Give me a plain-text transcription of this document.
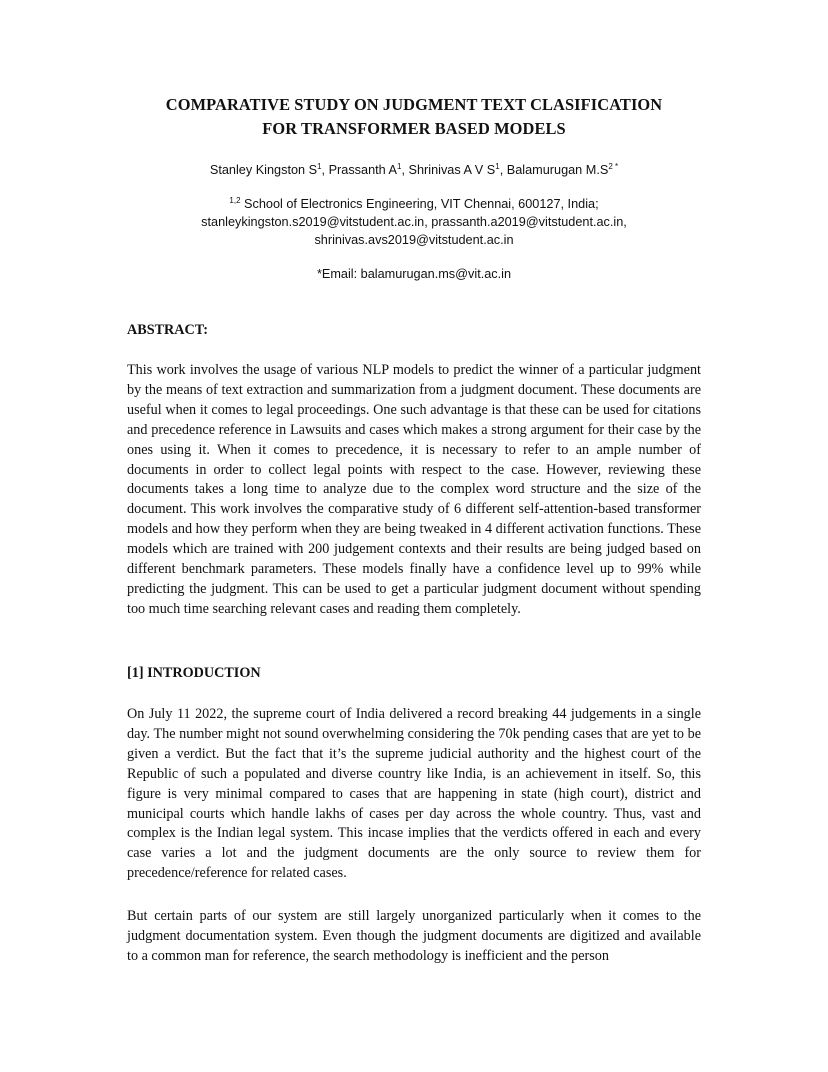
COMPARATIVE STUDY ON JUDGMENT TEXT CLASIFICATION
FOR TRANSFORMER BASED MODELS
Stanley Kingston $S^1$, Prassanth $A^1$, Shrinivas A V $S^1$, Balamurugan $M.S^{2 *}$
$^{1,2}$ School of Electronics Engineering, VIT Chennai, 600127, India;
stanleykingston.s2019@vitstudent.ac.in, prassanth.a2019@vitstudent.ac.in,
shrinivas.avs2019@vitstudent.ac.in
*Email: balamurugan.ms@vit.ac.in
ABSTRACT:

This work involves the usage of various NLP models to predict the winner of a particular judgment by the means of text extraction and summarization from a judgment document. These documents are useful when it comes to legal proceedings. One such advantage is that these can be used for citations and precedence reference in Lawsuits and cases which makes a strong argument for their case by the ones using it. When it comes to precedence, it is necessary to refer to an ample number of documents in order to collect legal points with respect to the case. However, reviewing these documents takes a long time to analyze due to the complex word structure and the size of the document. This work involves the comparative study of 6 different self-attention-based transformer models and how they perform when they are being tweaked in 4 different activation functions. These models which are trained with 200 judgement contexts and their results are being judged based on different benchmark parameters. These models finally have a confidence level up to 99% while predicting the judgment. This can be used to get a particular judgment document without spending too much time searching relevant cases and reading them completely.

[1] INTRODUCTION

On July 11 2022, the supreme court of India delivered a record breaking 44 judgements in a single day. The number might not sound overwhelming considering the 70k pending cases that are yet to be given a verdict. But the fact that it’s the supreme judicial authority and the highest court of the Republic of such a populated and diverse country like India, is an achievement in itself. So, this figure is very minimal compared to cases that are happening in state (high court), district and municipal courts which handle lakhs of cases per day across the whole country. Thus, vast and complex is the Indian legal system. This incase implies that the verdicts offered in each and every case varies a lot and the judgment documents are the only source to review them for precedence/reference for related cases.

But certain parts of our system are still largely unorganized particularly when it comes to the judgment documentation system. Even though the judgment documents are digitized and available to a common man for reference, the search methodology is inefficient and the person
